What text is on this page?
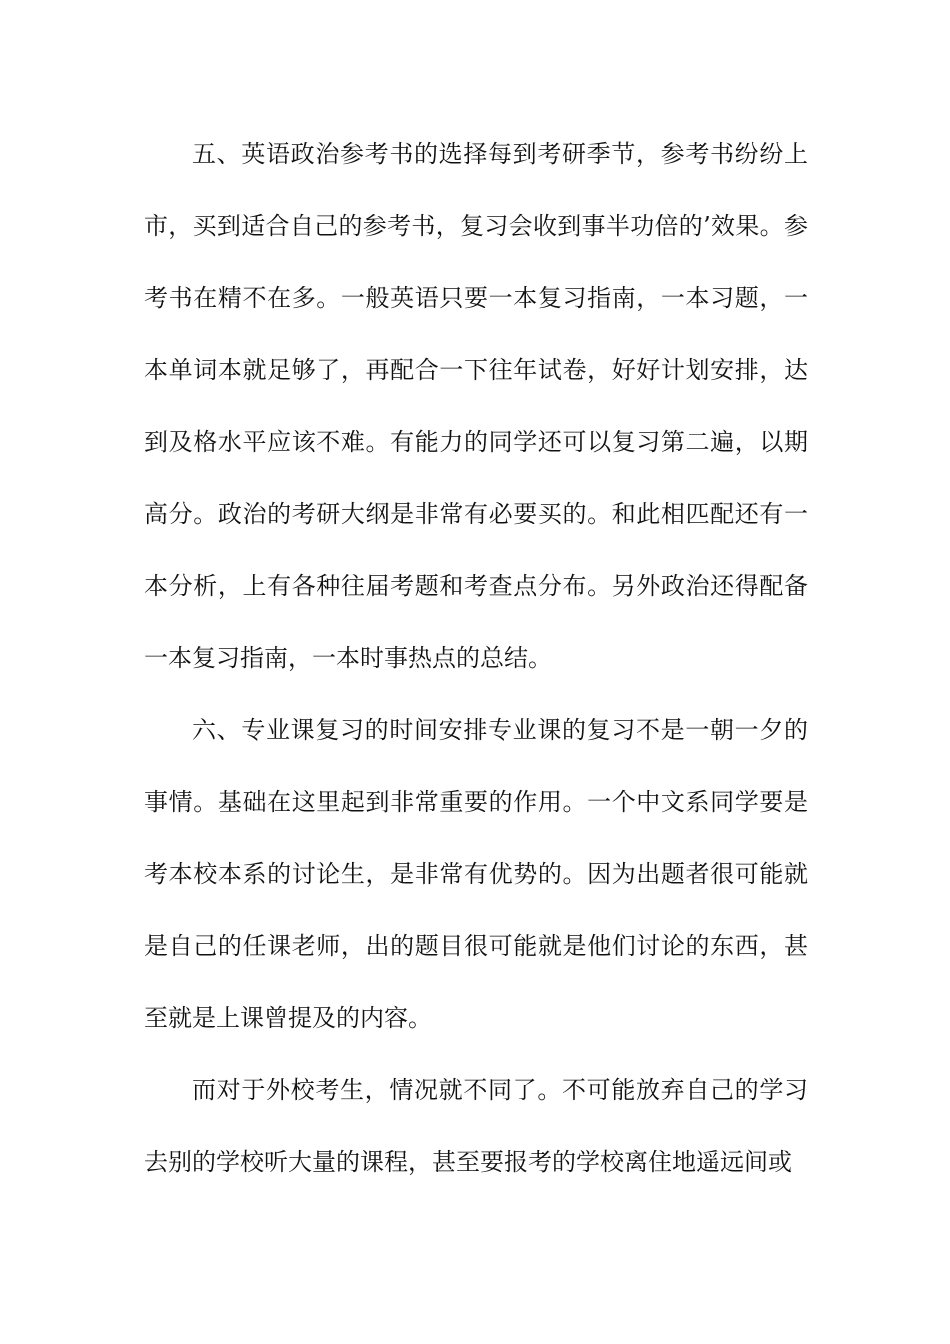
五、英语政治参考书的选择每到考研季节，参考书纷纷上市，买到适合自己的参考书，复习会收到事半功倍的’效果。参考书在精不在多。一般英语只要一本复习指南，一本习题，一本单词本就足够了，再配合一下往年试卷，好好计划安排，达到及格水平应该不难。有能力的同学还可以复习第二遍，以期高分。政治的考研大纲是非常有必要买的。和此相匹配还有一本分析，上有各种往届考题和考查点分布。另外政治还得配备一本复习指南，一本时事热点的总结。

六、专业课复习的时间安排专业课的复习不是一朝一夕的事情。基础在这里起到非常重要的作用。一个中文系同学要是考本校本系的讨论生，是非常有优势的。因为出题者很可能就是自己的任课老师，出的题目很可能就是他们讨论的东西，甚至就是上课曾提及的内容。

而对于外校考生，情况就不同了。不可能放弃自己的学习去别的学校听大量的课程，甚至要报考的学校离住地遥远间或
